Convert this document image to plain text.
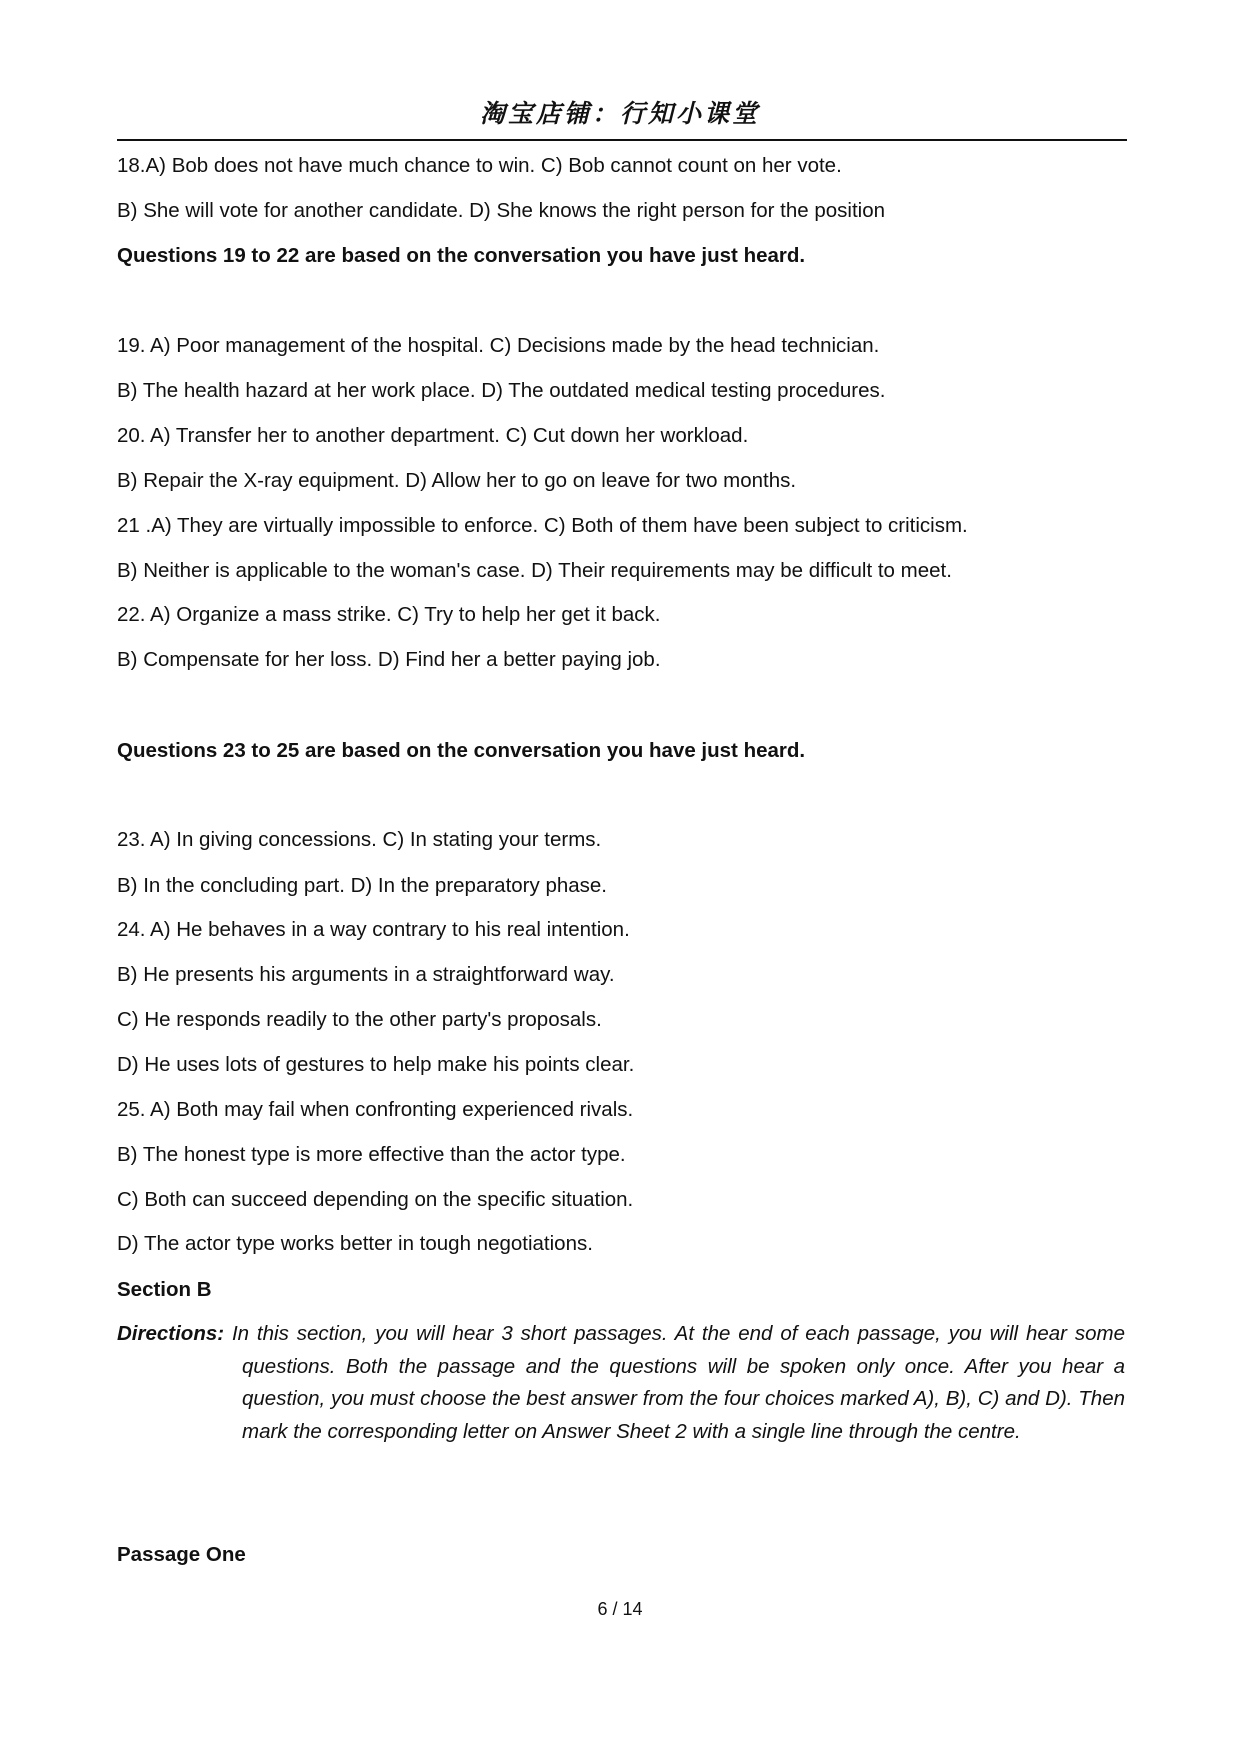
淘宝店铺：行知小课堂
18.A) Bob does not have much chance to win. C) Bob cannot count on her vote.
B) She will vote for another candidate. D) She knows the right person for the position
Questions 19 to 22 are based on the conversation you have just heard.
19. A) Poor management of the hospital. C) Decisions made by the head technician.
B) The health hazard at her work place. D) The outdated medical testing procedures.
20. A) Transfer her to another department. C) Cut down her workload.
B) Repair the X-ray equipment. D) Allow her to go on leave for two months.
21 .A) They are virtually impossible to enforce. C) Both of them have been subject to criticism.
B) Neither is applicable to the woman's case. D) Their requirements may be difficult to meet.
22. A) Organize a mass strike. C) Try to help her get it back.
B) Compensate for her loss. D) Find her a better paying job.
Questions 23 to 25 are based on the conversation you have just heard.
23. A) In giving concessions. C) In stating your terms.
B) In the concluding part. D) In the preparatory phase.
24. A) He behaves in a way contrary to his real intention.
B) He presents his arguments in a straightforward way.
C) He responds readily to the other party's proposals.
D) He uses lots of gestures to help make his points clear.
25. A) Both may fail when confronting experienced rivals.
B) The honest type is more effective than the actor type.
C) Both can succeed depending on the specific situation.
D) The actor type works better in tough negotiations.
Section B
Directions: In this section, you will hear 3 short passages. At the end of each passage, you will hear some questions. Both the passage and the questions will be spoken only once. After you hear a question, you must choose the best answer from the four choices marked A), B), C) and D). Then mark the corresponding letter on Answer Sheet 2 with a single line through the centre.
Passage One
6 / 14
